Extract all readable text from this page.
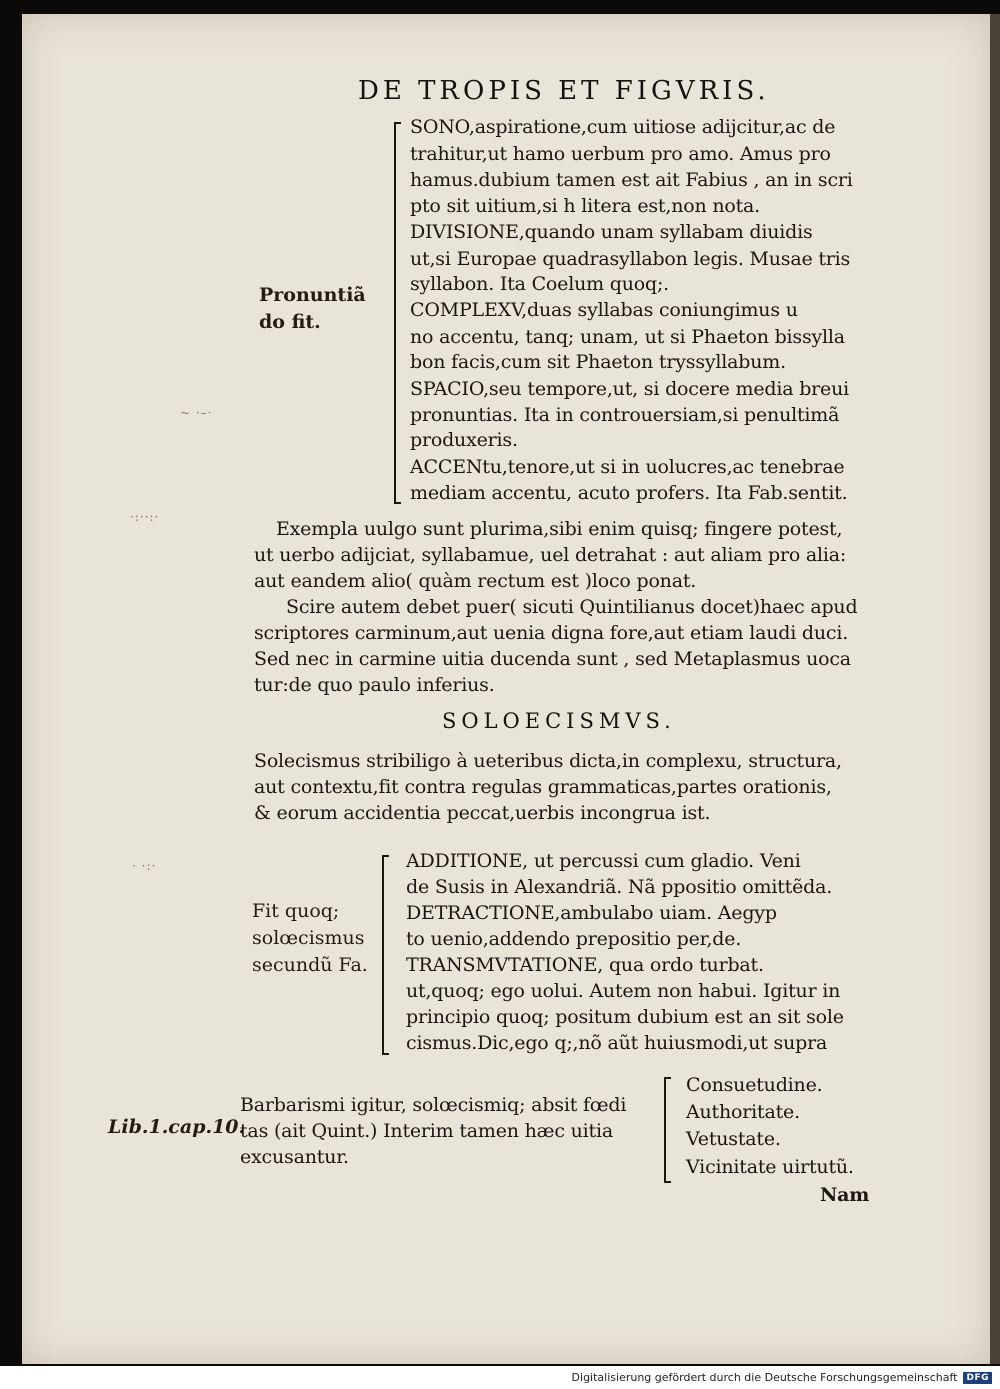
DE TROPIS ET FIGVRIS.
Pronuntiã
do fit.
SONO,aspiratione,cum uitiose adijcitur,ac de
trahitur,ut hamo uerbum pro amo. Amus pro
hamus.dubium tamen est ait Fabius , an in scri
pto sit uitium,si h litera est,non nota.
DIVISIONE,quando unam syllabam diuidis
ut,si Europae quadrasyllabon legis. Musae tris
syllabon. Ita Coelum quoq;.
COMPLEXV,duas syllabas coniungimus u
no accentu, tanq; unam, ut si Phaeton bissylla
bon facis,cum sit Phaeton tryssyllabum.
SPACIO,seu tempore,ut, si docere media breui
pronuntias. Ita in controuersiam,si penultimã
produxeris.
ACCENtu,tenore,ut si in uolucres,ac tenebrae
mediam accentu, acuto profers. Ita Fab.sentit.
~ ·–·
·:··:·
Exempla uulgo sunt plurima,sibi enim quisq; fingere potest,
ut uerbo adijciat, syllabamue, uel detrahat : aut aliam pro alia:
aut eandem alio( quàm rectum est )loco ponat.
Scire autem debet puer( sicuti Quintilianus docet)haec apud
scriptores carminum,aut uenia digna fore,aut etiam laudi duci.
Sed nec in carmine uitia ducenda sunt , sed Metaplasmus uoca
tur:de quo paulo inferius.
SOLOECISMVS.
Solecismus stribiligo à ueteribus dicta,in complexu, structura,
aut contextu,fit contra regulas grammaticas,partes orationis,
& eorum accidentia peccat,uerbis incongrua ist.
· ·:·
Fit quoq;
solœcismus
secundũ Fa.
ADDITIONE, ut percussi cum gladio. Veni
de Susis in Alexandriã. Nã ppositio omittẽda.
DETRACTIONE,ambulabo uiam. Aegyp
to uenio,addendo prepositio per,de.
TRANSMVTATIONE, qua ordo turbat.
ut,quoq; ego uolui. Autem non habui. Igitur in
principio quoq; positum dubium est an sit sole
cismus.Dic,ego q;,nõ aũt huiusmodi,ut supra
Lib.1.cap.10.
Barbarismi igitur, solœcismiq; absit fœdi
tas (ait Quint.) Interim tamen hæc uitia
excusantur.
Consuetudine.
Authoritate.
Vetustate.
Vicinitate uirtutũ.
Nam
Digitalisierung gefördert durch die Deutsche Forschungsgemeinschaft	DFG
